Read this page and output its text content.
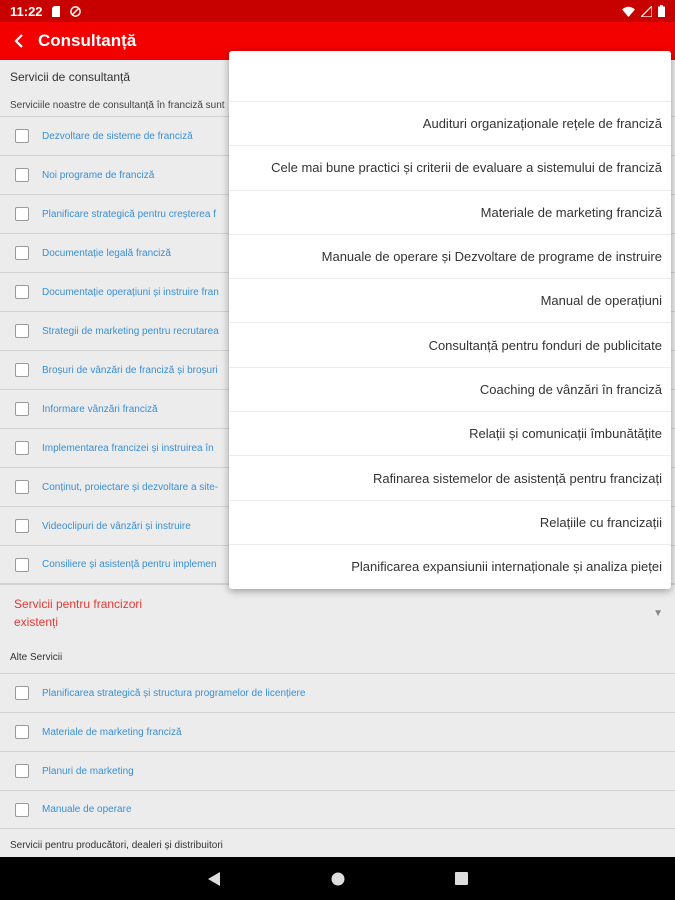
11:22
Consultanță
Servicii de consultanță
Serviciile noastre de consultanță în franciză sunt
Dezvoltare de sisteme de franciză
Noi programe de franciză
Planificare strategică pentru creșterea f
Documentație legală franciză
Documentație operațiuni și instruire fran
Strategii de marketing pentru recrutarea
Broșuri de vânzări de franciză și broșuri
Informare vânzări franciză
Implementarea francizei și instruirea în
Conținut, proiectare și dezvoltare a site-
Videoclipuri de vânzări și instruire
Consiliere și asistență pentru implemen
Servicii pentru francizori existenți
▼
Alte Servicii
Planificarea strategică și structura programelor de licențiere
Materiale de marketing franciză
Planuri de marketing
Manuale de operare
Servicii pentru producători, dealeri și distribuitori
Audituri organizaționale rețele de franciză
Cele mai bune practici și criterii de evaluare a sistemului de franciză
Materiale de marketing franciză
Manuale de operare și Dezvoltare de programe de instruire
Manual de operațiuni
Consultanță pentru fonduri de publicitate
Coaching de vânzări în franciză
Relații și comunicații îmbunătățite
Rafinarea sistemelor de asistență pentru francizați
Relațiile cu francizații
Planificarea expansiunii internaționale și analiza pieței
